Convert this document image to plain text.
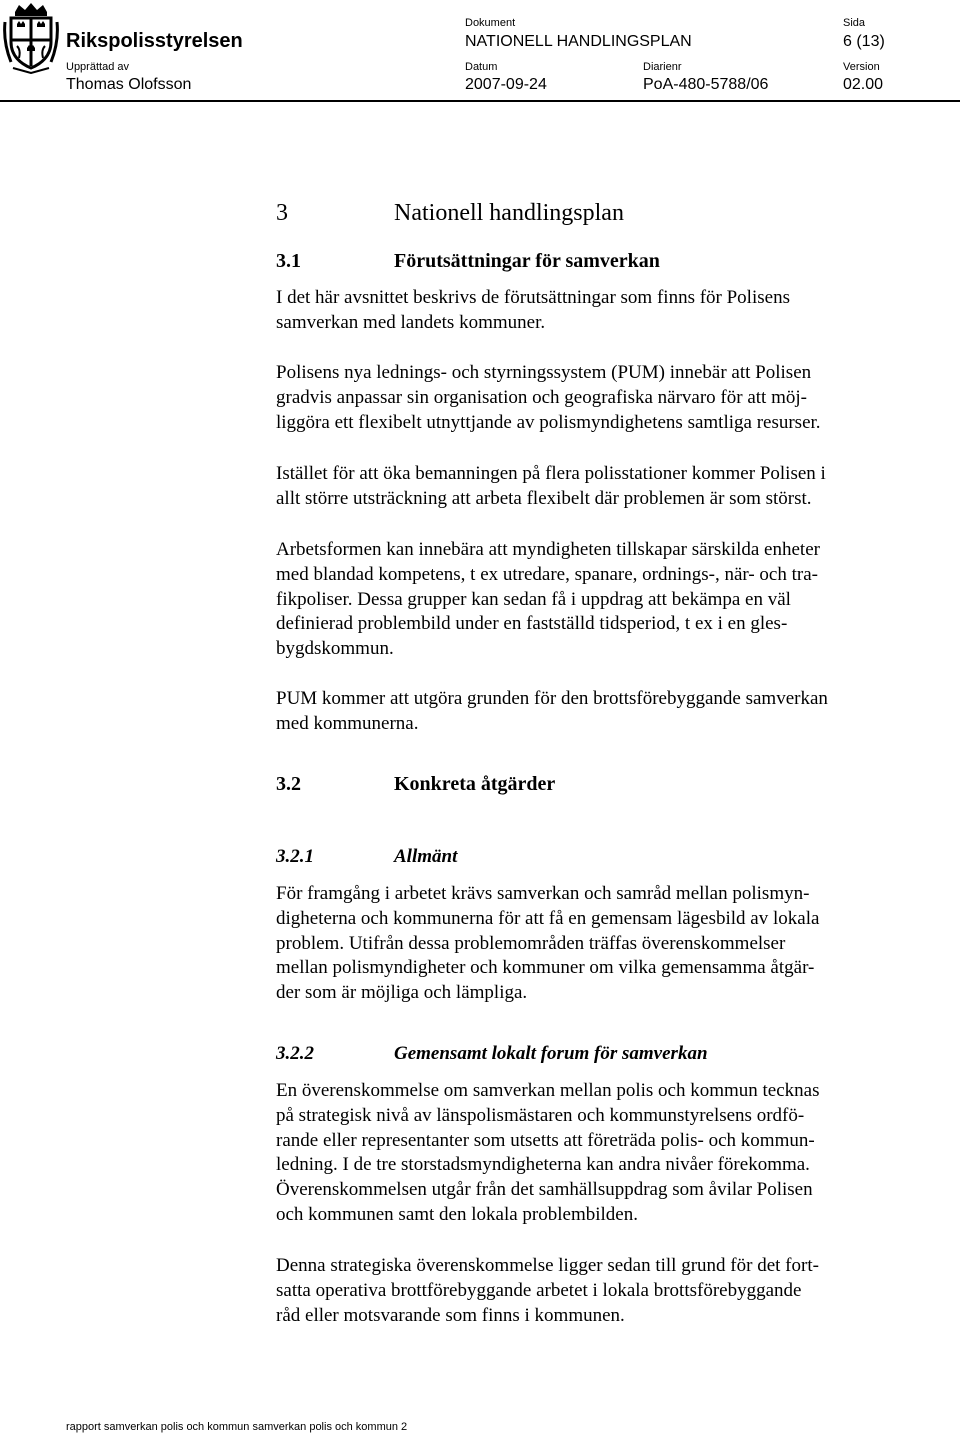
Rikspolisstyrelsen
Dokument
NATIONELL HANDLINGSPLAN
Sida
6 (13)
Upprättad av
Thomas Olofsson
Datum
2007-09-24
Diarienr
PoA-480-5788/06
Version
02.00
3	Nationell handlingsplan
3.1	Förutsättningar för samverkan

I det här avsnittet beskrivs de förutsättningar som finns för Polisens
samverkan med landets kommuner.

Polisens nya lednings- och styrningssystem (PUM) innebär att Polisen
gradvis anpassar sin organisation och geografiska närvaro för att möj-
liggöra ett flexibelt utnyttjande av polismyndighetens samtliga resurser.

Istället för att öka bemanningen på flera polisstationer kommer Polisen i
allt större utsträckning att arbeta flexibelt där problemen är som störst.

Arbetsformen kan innebära att myndigheten tillskapar särskilda enheter
med blandad kompetens, t ex utredare, spanare, ordnings-, när- och tra-
fikpoliser. Dessa grupper kan sedan få i uppdrag att bekämpa en väl
definierad problembild under en fastställd tidsperiod, t ex i en gles-
bygdskommun.

PUM kommer att utgöra grunden för den brottsförebyggande samverkan
med kommunerna.

3.2	Konkreta åtgärder
3.2.1	Allmänt

För framgång i arbetet krävs samverkan och samråd mellan polismyn-
digheterna och kommunerna för att få en gemensam lägesbild av lokala
problem. Utifrån dessa problemområden träffas överenskommelser
mellan polismyndigheter och kommuner om vilka gemensamma åtgär-
der som är möjliga och lämpliga.

3.2.2	Gemensamt lokalt forum för samverkan

En överenskommelse om samverkan mellan polis och kommun tecknas
på strategisk nivå av länspolismästaren och kommunstyrelsens ordfö-
rande eller representanter som utsetts att företräda polis- och kommun-
ledning. I de tre storstadsmyndigheterna kan andra nivåer förekomma.
Överenskommelsen utgår från det samhällsuppdrag som åvilar Polisen
och kommunen samt den lokala problembilden.

Denna strategiska överenskommelse ligger sedan till grund för det fort-
satta operativa brottförebyggande arbetet i lokala brottsförebyggande
råd eller motsvarande som finns i kommunen.

rapport samverkan polis och kommun samverkan polis och kommun 2
